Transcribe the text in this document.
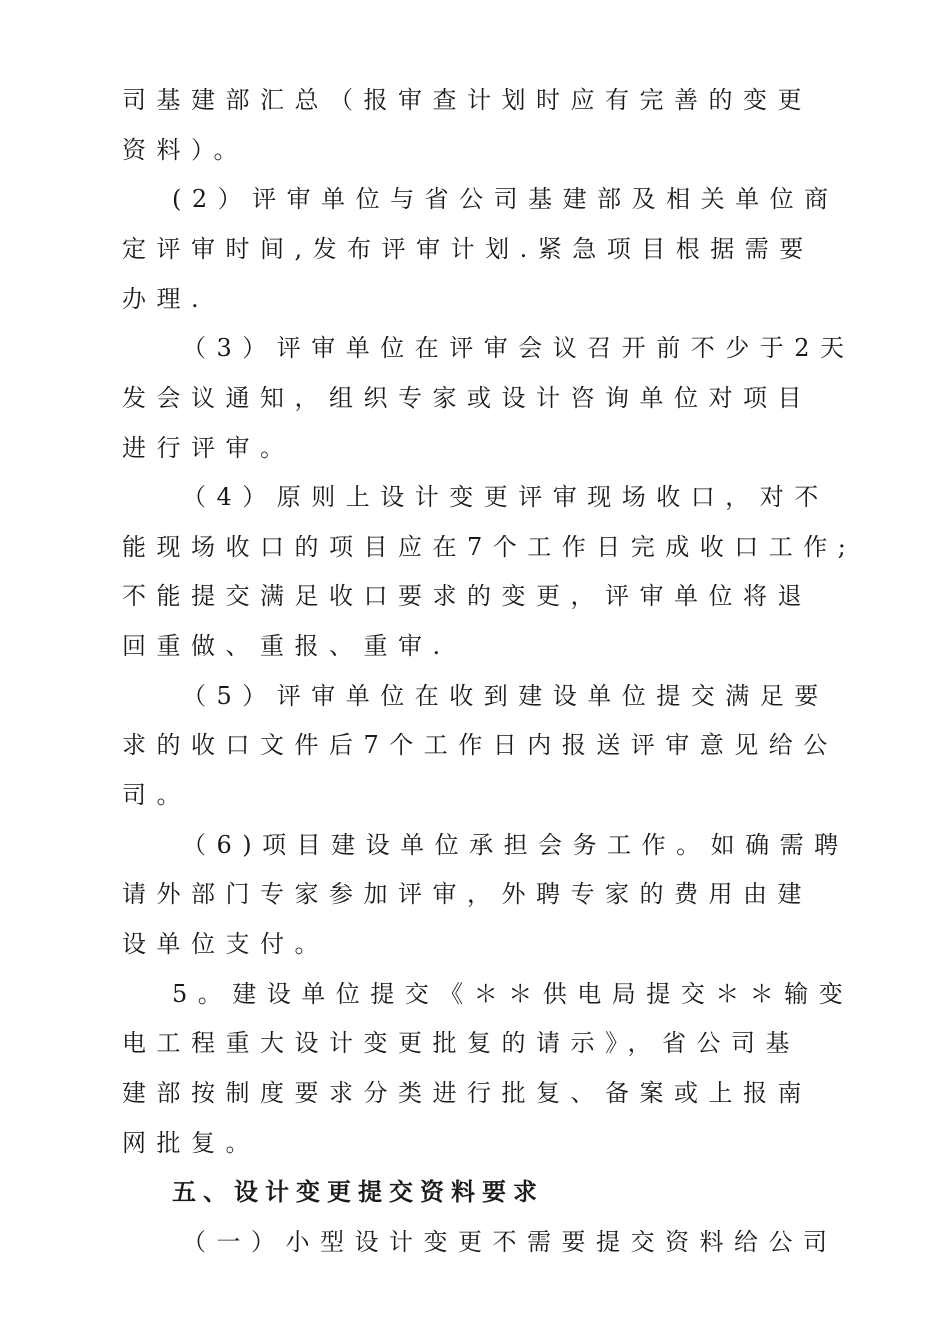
司基建部汇总（报审查计划时应有完善的变更
资料）。
(2）评审单位与省公司基建部及相关单位商
定评审时间,发布评审计划.紧急项目根据需要
办理.
（3）评审单位在评审会议召开前不少于2天
发会议通知，组织专家或设计咨询单位对项目
进行评审。
（4）原则上设计变更评审现场收口，对不
能现场收口的项目应在7个工作日完成收口工作;
不能提交满足收口要求的变更，评审单位将退
回重做、重报、重审.
（5）评审单位在收到建设单位提交满足要
求的收口文件后7个工作日内报送评审意见给公
司。
（6)项目建设单位承担会务工作。如确需聘
请外部门专家参加评审，外聘专家的费用由建
设单位支付。
5。建设单位提交《＊＊供电局提交＊＊输变
电工程重大设计变更批复的请示》，省公司基
建部按制度要求分类进行批复、备案或上报南
网批复。
五、设计变更提交资料要求
（一）小型设计变更不需要提交资料给公司
